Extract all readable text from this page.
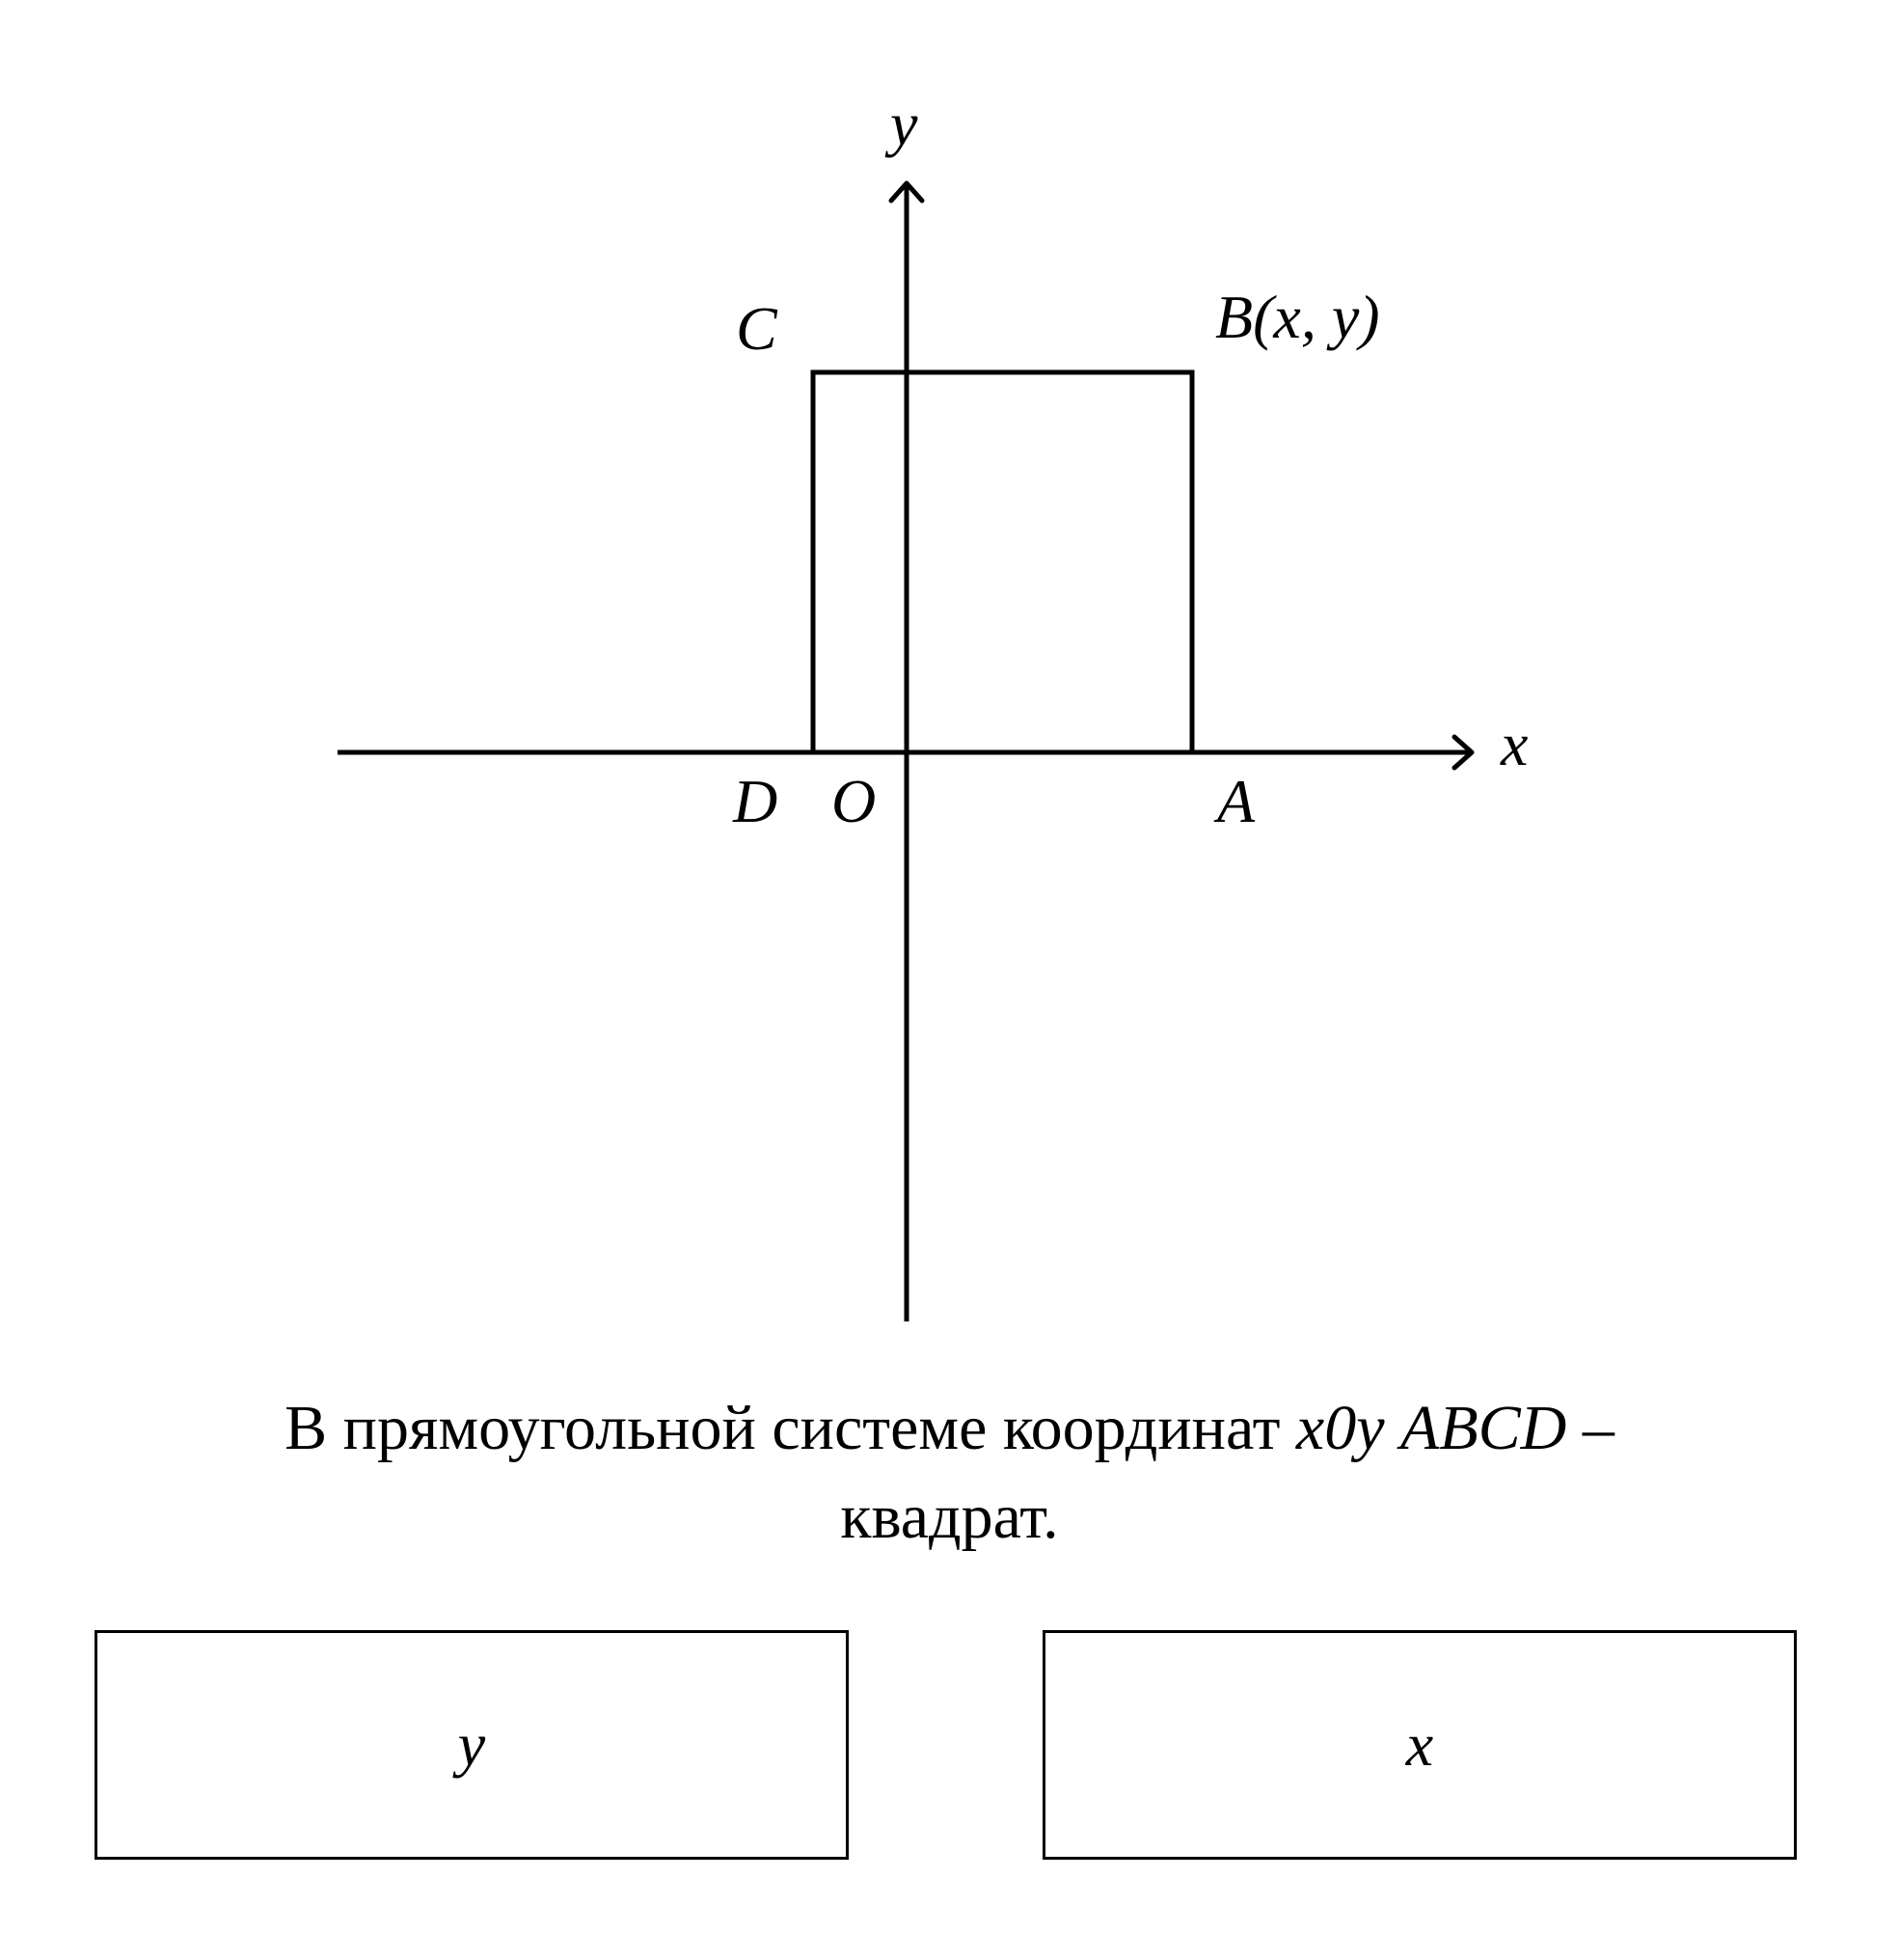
y
x
C	B(x, y)
D O	A
В прямоугольной системе координат x0y ABCD –
квадрат.
y	x
